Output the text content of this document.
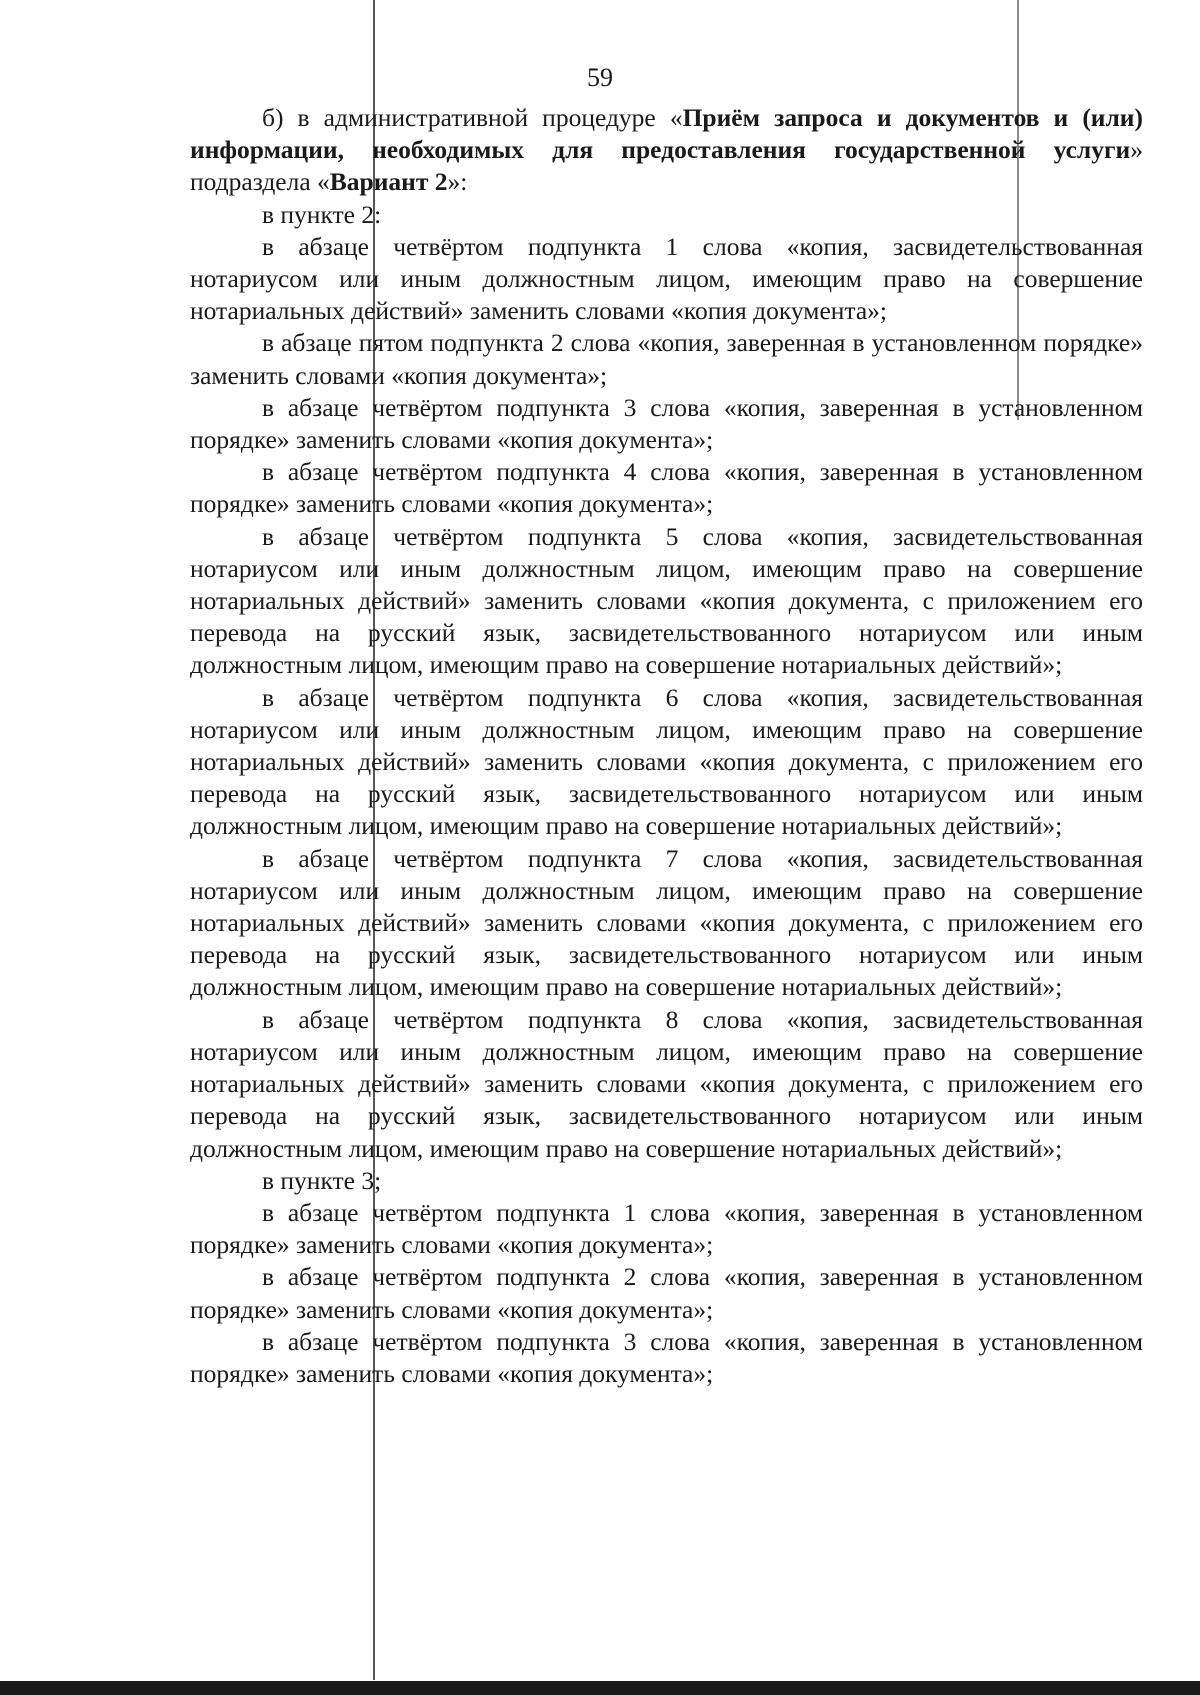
59

б) в административной процедуре «Приём запроса и документов и (или) информации, необходимых для предоставления государственной услуги» подраздела «Вариант 2»:

в пункте 2:

в абзаце четвёртом подпункта 1 слова «копия, засвидетельствованная нотариусом или иным должностным лицом, имеющим право на совершение нотариальных действий» заменить словами «копия документа»;

в абзаце пятом подпункта 2 слова «копия, заверенная в установленном порядке» заменить словами «копия документа»;

в абзаце четвёртом подпункта 3 слова «копия, заверенная в установленном порядке» заменить словами «копия документа»;

в абзаце четвёртом подпункта 4 слова «копия, заверенная в установленном порядке» заменить словами «копия документа»;

в абзаце четвёртом подпункта 5 слова «копия, засвидетельствованная нотариусом или иным должностным лицом, имеющим право на совершение нотариальных действий» заменить словами «копия документа, с приложением его перевода на русский язык, засвидетельствованного нотариусом или иным должностным лицом, имеющим право на совершение нотариальных действий»;

в абзаце четвёртом подпункта 6 слова «копия, засвидетельствованная нотариусом или иным должностным лицом, имеющим право на совершение нотариальных действий» заменить словами «копия документа, с приложением его перевода на русский язык, засвидетельствованного нотариусом или иным должностным лицом, имеющим право на совершение нотариальных действий»;

в абзаце четвёртом подпункта 7 слова «копия, засвидетельствованная нотариусом или иным должностным лицом, имеющим право на совершение нотариальных действий» заменить словами «копия документа, с приложением его перевода на русский язык, засвидетельствованного нотариусом или иным должностным лицом, имеющим право на совершение нотариальных действий»;

в абзаце четвёртом подпункта 8 слова «копия, засвидетельствованная нотариусом или иным должностным лицом, имеющим право на совершение нотариальных действий» заменить словами «копия документа, с приложением его перевода на русский язык, засвидетельствованного нотариусом или иным должностным лицом, имеющим право на совершение нотариальных действий»;

в пункте 3;

в абзаце четвёртом подпункта 1 слова «копия, заверенная в установленном порядке» заменить словами «копия документа»;

в абзаце четвёртом подпункта 2 слова «копия, заверенная в установленном порядке» заменить словами «копия документа»;

в абзаце четвёртом подпункта 3 слова «копия, заверенная в установленном порядке» заменить словами «копия документа»;
